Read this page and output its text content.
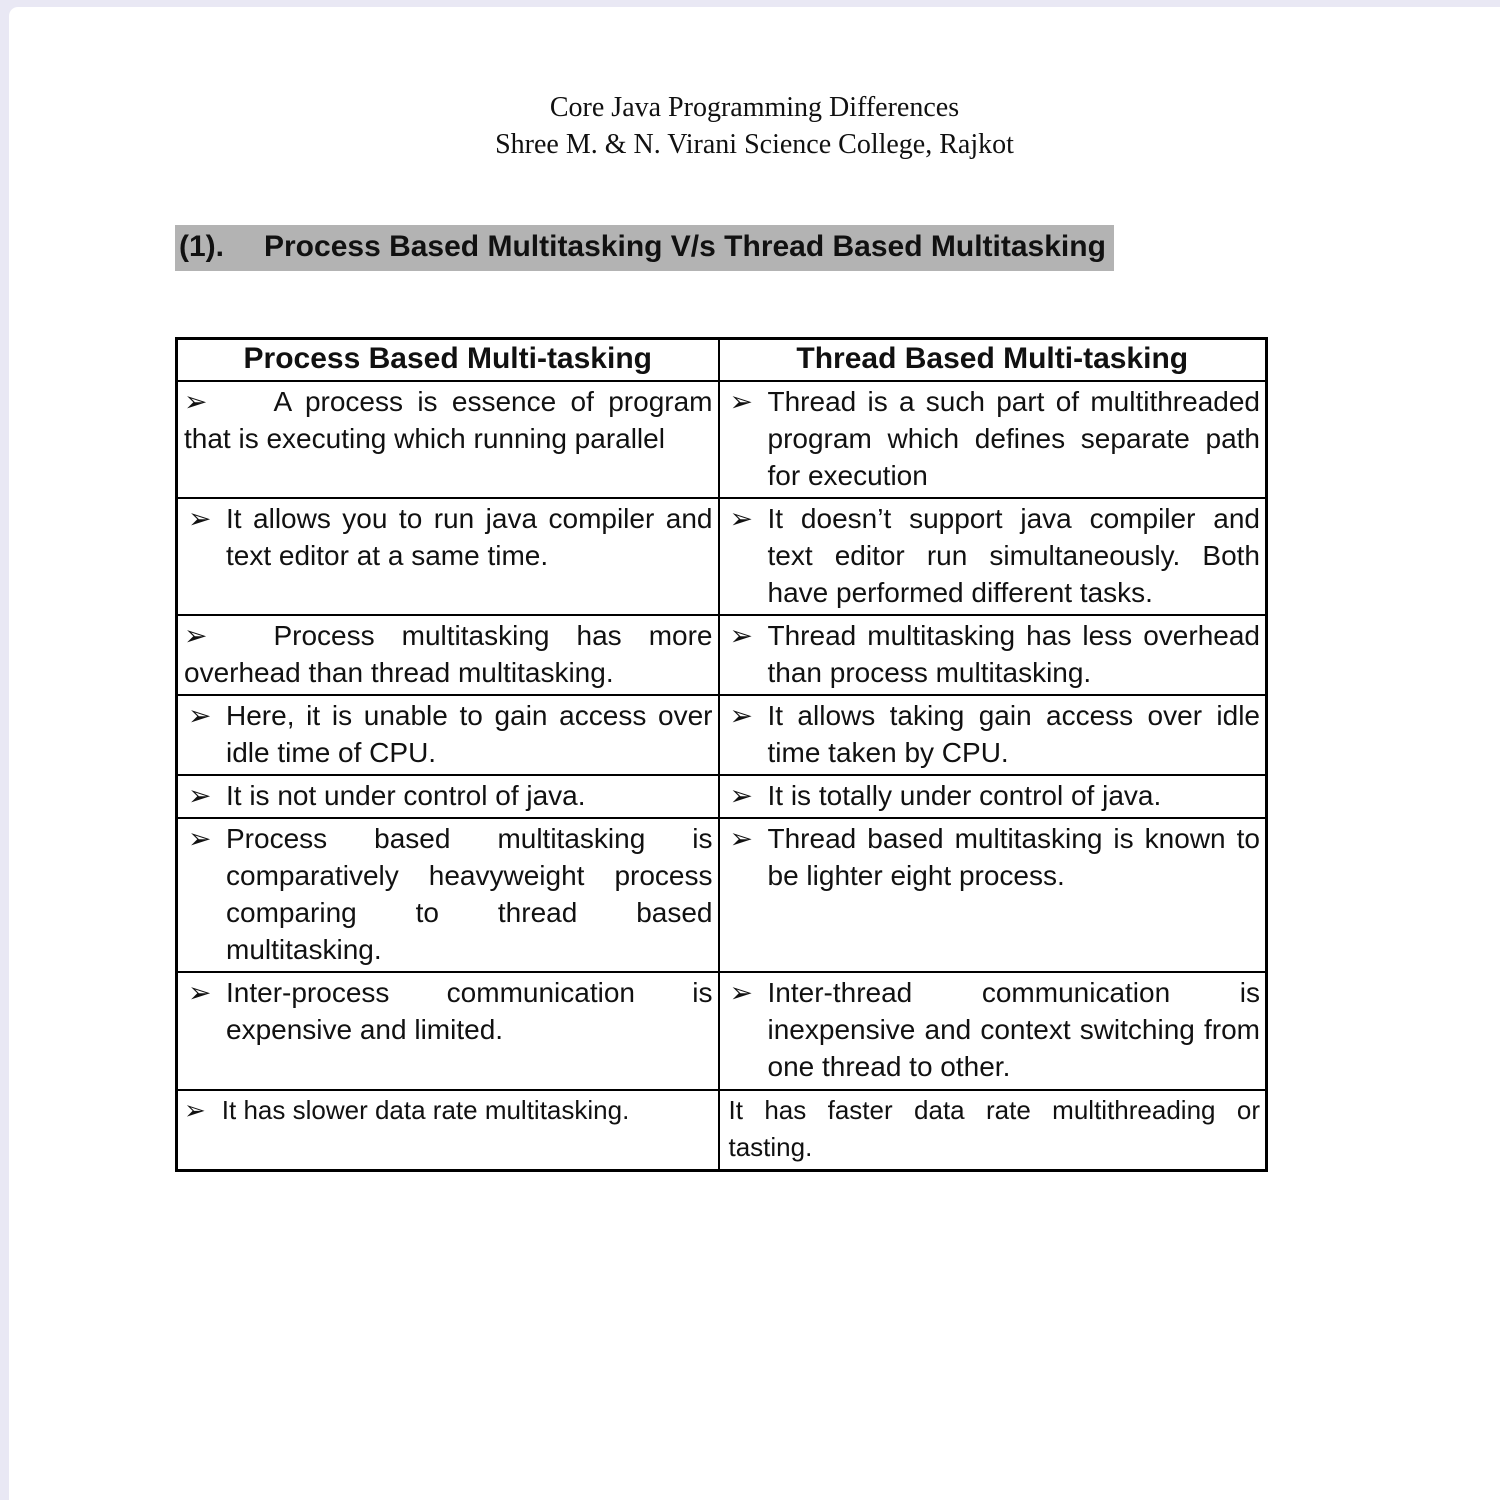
Core Java Programming Differences
Shree M. & N. Virani Science College, Rajkot
(1). Process Based Multitasking V/s Thread Based Multitasking
Process Based Multi-tasking	Thread Based Multi-tasking

➢ A process is essence of program that is executing which running parallel	➢ Thread is a such part of multithreaded program which defines separate path for execution

➢ It allows you to run java compiler and text editor at a same time.	➢ It doesn’t support java compiler and text editor run simultaneously. Both have performed different tasks.

➢ Process multitasking has more overhead than thread multitasking.	➢ Thread multitasking has less overhead than process multitasking.

➢ Here, it is unable to gain access over idle time of CPU.	➢ It allows taking gain access over idle time taken by CPU.

➢ It is not under control of java.	➢ It is totally under control of java.

➢ Process based multitasking is comparatively heavyweight process comparing to thread based multitasking.	➢ Thread based multitasking is known to be lighter eight process.

➢ Inter-process communication is expensive and limited.	➢ Inter-thread communication is inexpensive and context switching from one thread to other.

➢ It has slower data rate multitasking.	It has faster data rate multithreading or tasting.
